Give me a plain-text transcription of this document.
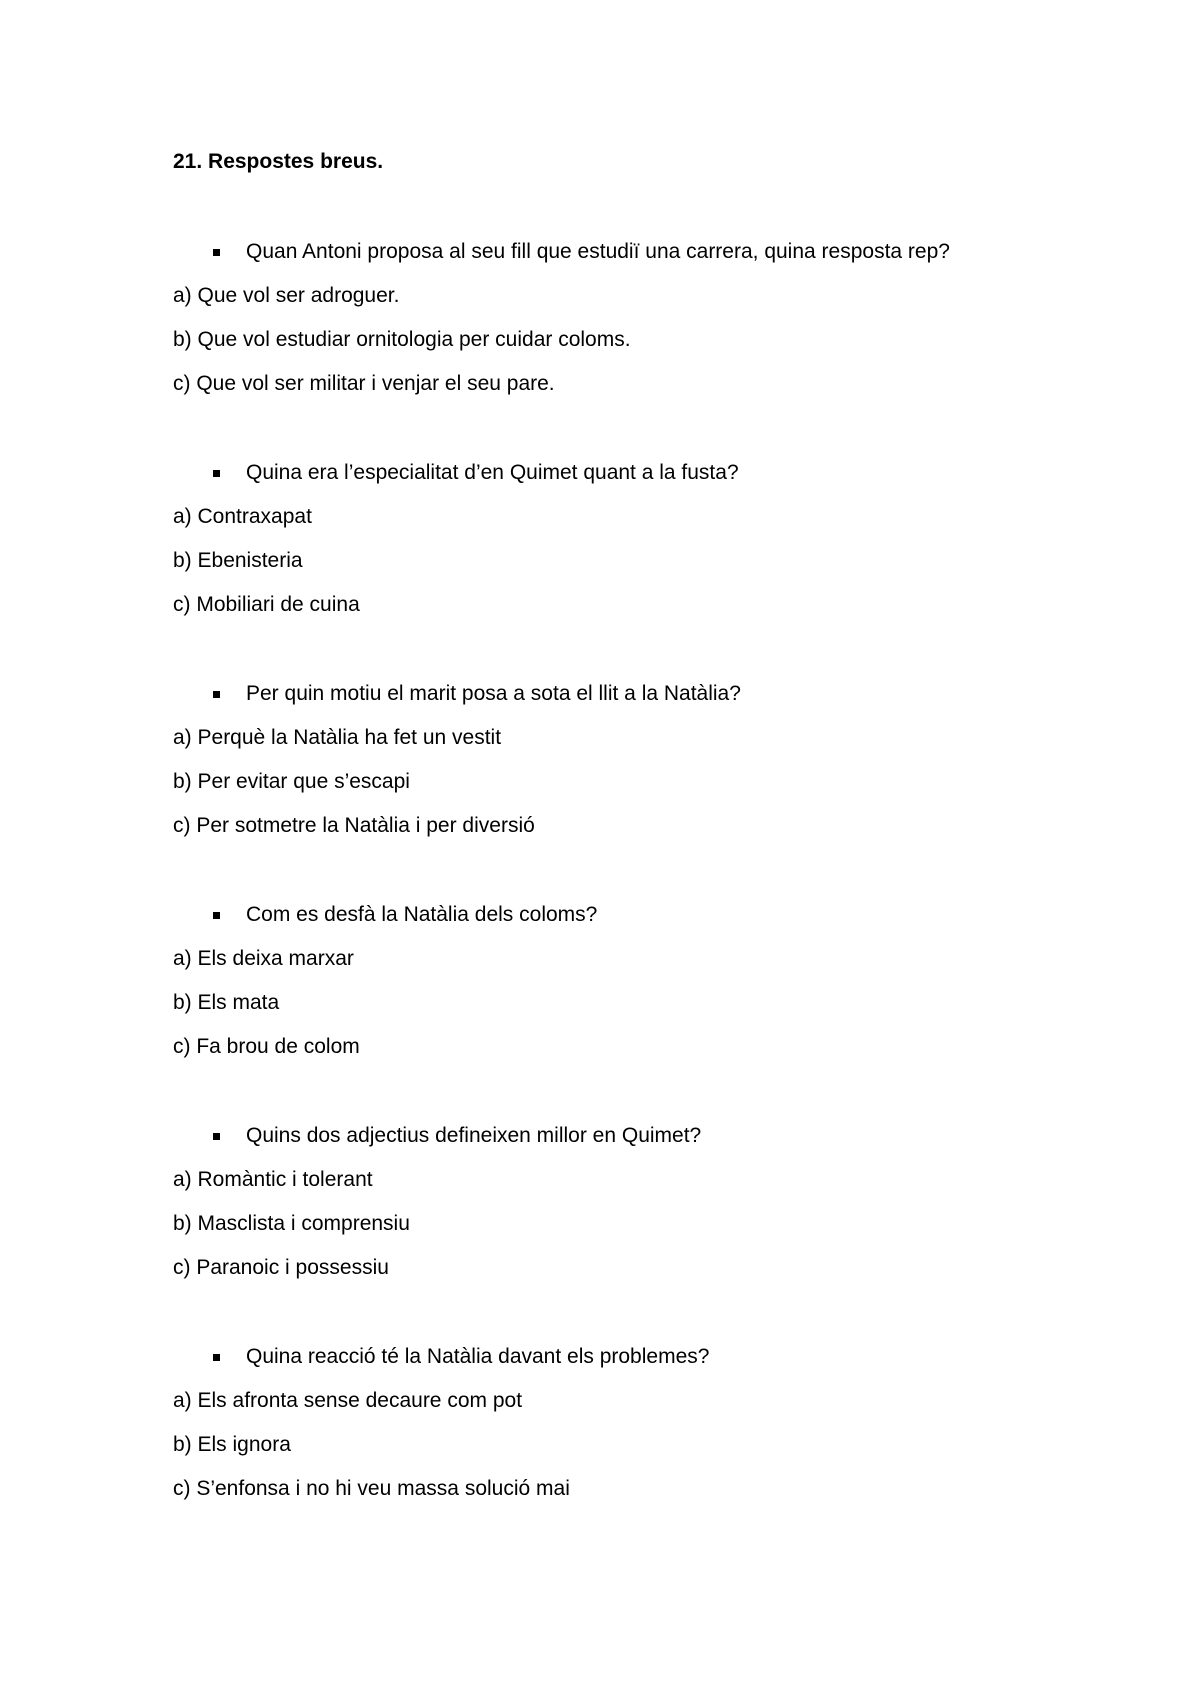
21. Respostes breus.
Quan Antoni proposa al seu fill que estudiï una carrera, quina resposta rep?
a) Que vol ser adroguer.
b) Que vol estudiar ornitologia per cuidar coloms.
c) Que vol ser militar i venjar el seu pare.
Quina era l’especialitat d’en Quimet quant a la fusta?
a) Contraxapat
b) Ebenisteria
c) Mobiliari de cuina
Per quin motiu el marit posa a sota el llit a la Natàlia?
a) Perquè la Natàlia ha fet un vestit
b) Per evitar que s’escapi
c) Per sotmetre la Natàlia i per diversió
Com es desfà la Natàlia dels coloms?
a) Els deixa marxar
b) Els mata
c) Fa brou de colom
Quins dos adjectius defineixen millor en Quimet?
a) Romàntic i tolerant
b) Masclista i comprensiu
c) Paranoic i possessiu
Quina reacció té la Natàlia davant els problemes?
a) Els afronta sense decaure com pot
b) Els ignora
c) S’enfonsa i no hi veu massa solució mai
